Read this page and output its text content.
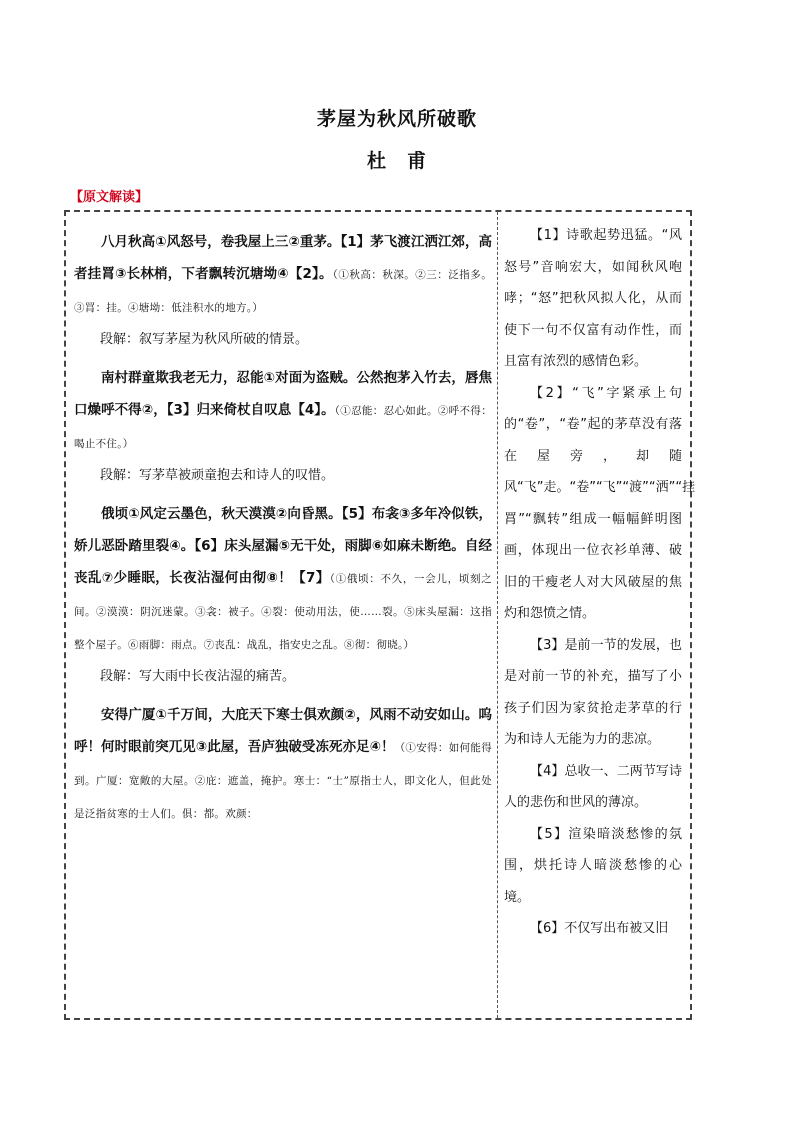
茅屋为秋风所破歌
杜　甫
【原文解读】

八月秋高①风怒号，卷我屋上三②重茅。【1】茅飞渡江洒江郊，高者挂罥③长林梢，下者飘转沉塘坳④【2】。（①秋高：秋深。②三：泛指多。③罥：挂。④塘坳：低洼积水的地方。）

段解：叙写茅屋为秋风所破的情景。

南村群童欺我老无力，忍能①对面为盗贼。公然抱茅入竹去，唇焦口燥呼不得②，【3】归来倚杖自叹息【4】。（①忍能：忍心如此。②呼不得：喝止不住。）

段解：写茅草被顽童抱去和诗人的叹惜。

俄顷①风定云墨色，秋天漠漠②向昏黑。【5】布衾③多年冷似铁，娇儿恶卧踏里裂④。【6】床头屋漏⑤无干处，雨脚⑥如麻未断绝。自经丧乱⑦少睡眠，长夜沾湿何由彻⑧！【7】（①俄顷：不久，一会儿，顷刻之间。②漠漠：阴沉迷蒙。③衾：被子。④裂：使动用法，使……裂。⑤床头屋漏：这指整个屋子。⑥雨脚：雨点。⑦丧乱：战乱，指安史之乱。⑧彻：彻晓。）

段解：写大雨中长夜沾湿的痛苦。

安得广厦①千万间，大庇天下寒士俱欢颜②，风雨不动安如山。呜呼！何时眼前突兀见③此屋，吾庐独破受冻死亦足④！（①安得：如何能得到。广厦：宽敞的大屋。②庇：遮盖，掩护。寒士：“士”原指士人，即文化人，但此处是泛指贫寒的士人们。俱：都。欢颜：

【1】诗歌起势迅猛。“风怒号”音响宏大，如闻秋风咆哮；“怒”把秋风拟人化，从而使下一句不仅富有动作性，而且富有浓烈的感情色彩。

【2】“飞”字紧承上句的“卷”，“卷”起的茅草没有落在屋旁，却随风“飞”走。“卷”“飞”“渡”“洒”“挂罥”“飘转”组成一幅幅鲜明图画，体现出一位衣衫单薄、破旧的干瘦老人对大风破屋的焦灼和怨愤之情。

【3】是前一节的发展，也是对前一节的补充，描写了小孩子们因为家贫抢走茅草的行为和诗人无能为力的悲凉。

【4】总收一、二两节写诗人的悲伤和世风的薄凉。

【5】渲染暗淡愁惨的氛围，烘托诗人暗淡愁惨的心境。

【6】不仅写出布被又旧
